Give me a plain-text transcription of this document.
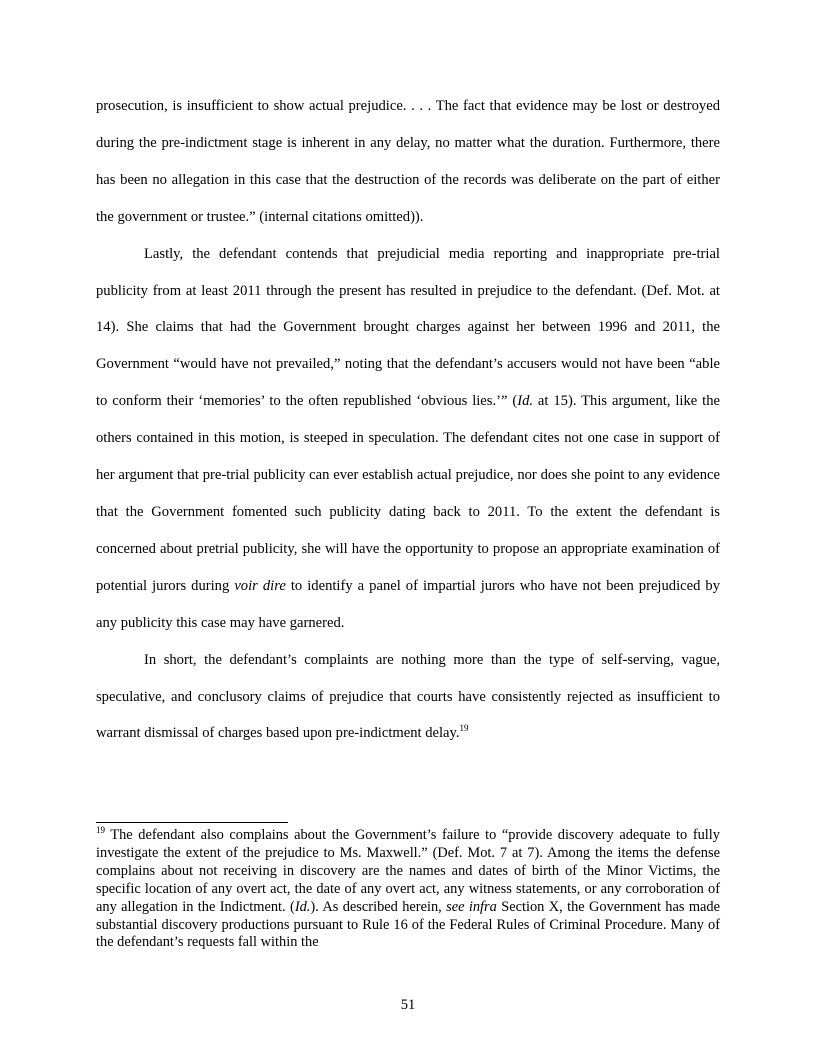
prosecution, is insufficient to show actual prejudice. . . . The fact that evidence may be lost or destroyed during the pre-indictment stage is inherent in any delay, no matter what the duration. Furthermore, there has been no allegation in this case that the destruction of the records was deliberate on the part of either the government or trustee.” (internal citations omitted)).

Lastly, the defendant contends that prejudicial media reporting and inappropriate pre-trial publicity from at least 2011 through the present has resulted in prejudice to the defendant. (Def. Mot. at 14). She claims that had the Government brought charges against her between 1996 and 2011, the Government “would have not prevailed,” noting that the defendant’s accusers would not have been “able to conform their ‘memories’ to the often republished ‘obvious lies.’” (Id. at 15). This argument, like the others contained in this motion, is steeped in speculation. The defendant cites not one case in support of her argument that pre-trial publicity can ever establish actual prejudice, nor does she point to any evidence that the Government fomented such publicity dating back to 2011. To the extent the defendant is concerned about pretrial publicity, she will have the opportunity to propose an appropriate examination of potential jurors during voir dire to identify a panel of impartial jurors who have not been prejudiced by any publicity this case may have garnered.

In short, the defendant’s complaints are nothing more than the type of self-serving, vague, speculative, and conclusory claims of prejudice that courts have consistently rejected as insufficient to warrant dismissal of charges based upon pre-indictment delay.$^{19}$

$^{19}$ The defendant also complains about the Government’s failure to “provide discovery adequate to fully investigate the extent of the prejudice to Ms. Maxwell.” (Def. Mot. 7 at 7). Among the items the defense complains about not receiving in discovery are the names and dates of birth of the Minor Victims, the specific location of any overt act, the date of any overt act, any witness statements, or any corroboration of any allegation in the Indictment. (Id.). As described herein, see infra Section X, the Government has made substantial discovery productions pursuant to Rule 16 of the Federal Rules of Criminal Procedure. Many of the defendant’s requests fall within the

51
